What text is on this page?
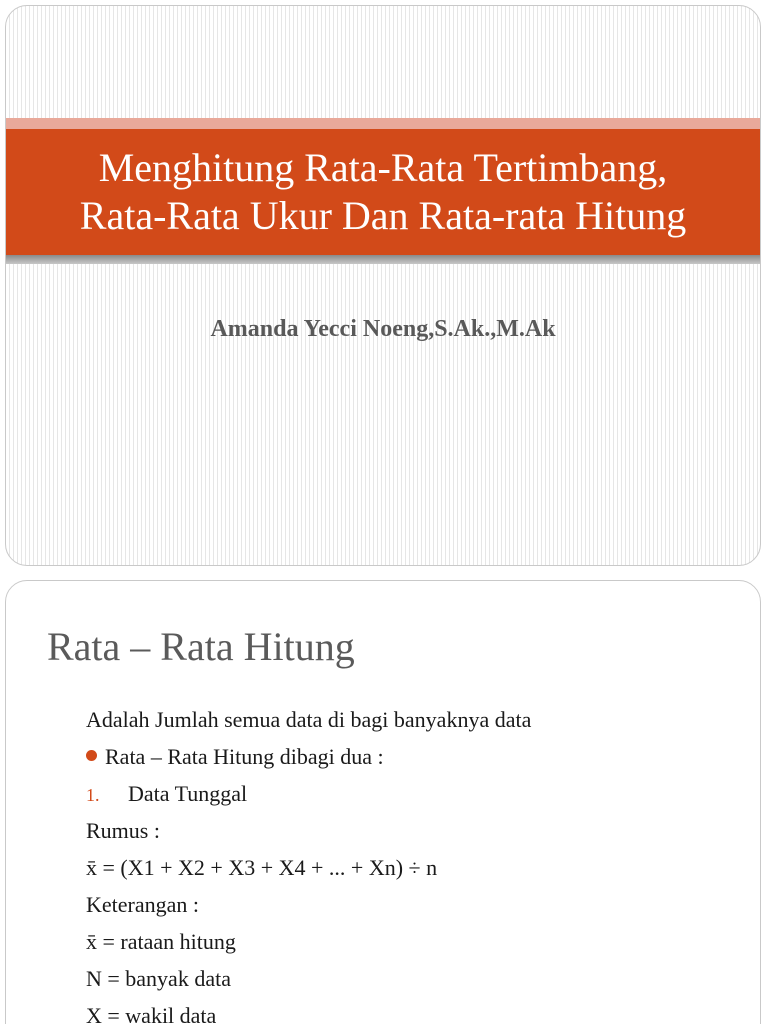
Menghitung Rata-Rata Tertimbang,
Rata-Rata Ukur Dan Rata-rata Hitung

Amanda Yecci Noeng,S.Ak.,M.Ak

Rata – Rata Hitung
Adalah Jumlah semua data di bagi banyaknya data
Rata – Rata Hitung dibagi dua :
1. Data Tunggal
Rumus :
x̄ = (X1 + X2 + X3 + X4 + ... + Xn) ÷ n
Keterangan :
x̄ = rataan hitung
N = banyak data
X = wakil data
